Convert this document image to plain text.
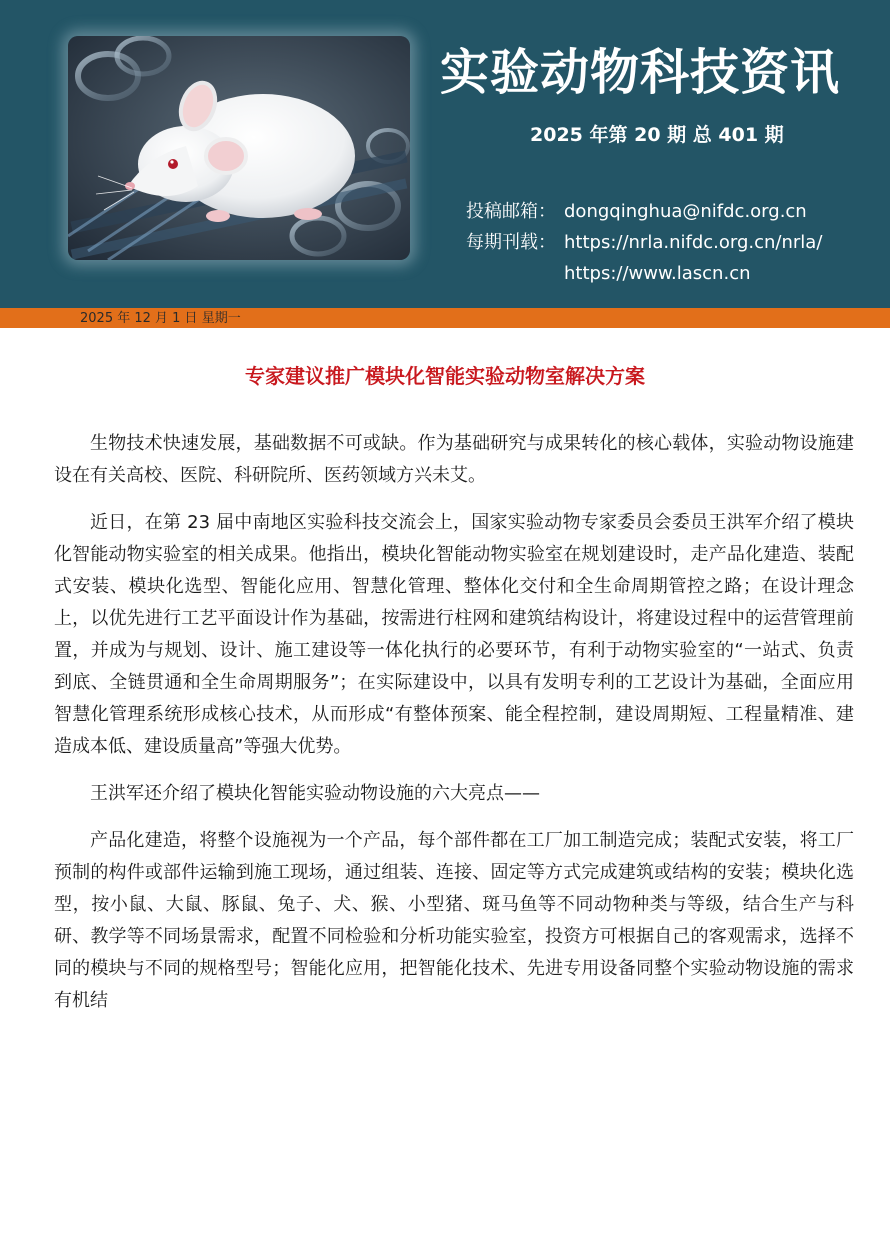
实验动物科技资讯
2025 年第 20 期 总 401 期
投稿邮箱： dongqinghua@nifdc.org.cn
每期刊载： https://nrla.nifdc.org.cn/nrla/
https://www.lascn.cn
2025 年 12 月 1 日 星期一
专家建议推广模块化智能实验动物室解决方案

生物技术快速发展，基础数据不可或缺。作为基础研究与成果转化的核心载体，实验动物设施建设在有关高校、医院、科研院所、医药领域方兴未艾。

近日，在第 23 届中南地区实验科技交流会上，国家实验动物专家委员会委员王洪军介绍了模块化智能动物实验室的相关成果。他指出，模块化智能动物实验室在规划建设时，走产品化建造、装配式安装、模块化选型、智能化应用、智慧化管理、整体化交付和全生命周期管控之路；在设计理念上，以优先进行工艺平面设计作为基础，按需进行柱网和建筑结构设计，将建设过程中的运营管理前置，并成为与规划、设计、施工建设等一体化执行的必要环节，有利于动物实验室的“一站式、负责到底、全链贯通和全生命周期服务”；在实际建设中，以具有发明专利的工艺设计为基础，全面应用智慧化管理系统形成核心技术，从而形成“有整体预案、能全程控制，建设周期短、工程量精准、建造成本低、建设质量高”等强大优势。

王洪军还介绍了模块化智能实验动物设施的六大亮点——

产品化建造，将整个设施视为一个产品，每个部件都在工厂加工制造完成；装配式安装，将工厂预制的构件或部件运输到施工现场，通过组装、连接、固定等方式完成建筑或结构的安装；模块化选型，按小鼠、大鼠、豚鼠、兔子、犬、猴、小型猪、斑马鱼等不同动物种类与等级，结合生产与科研、教学等不同场景需求，配置不同检验和分析功能实验室，投资方可根据自己的客观需求，选择不同的模块与不同的规格型号；智能化应用，把智能化技术、先进专用设备同整个实验动物设施的需求有机结
